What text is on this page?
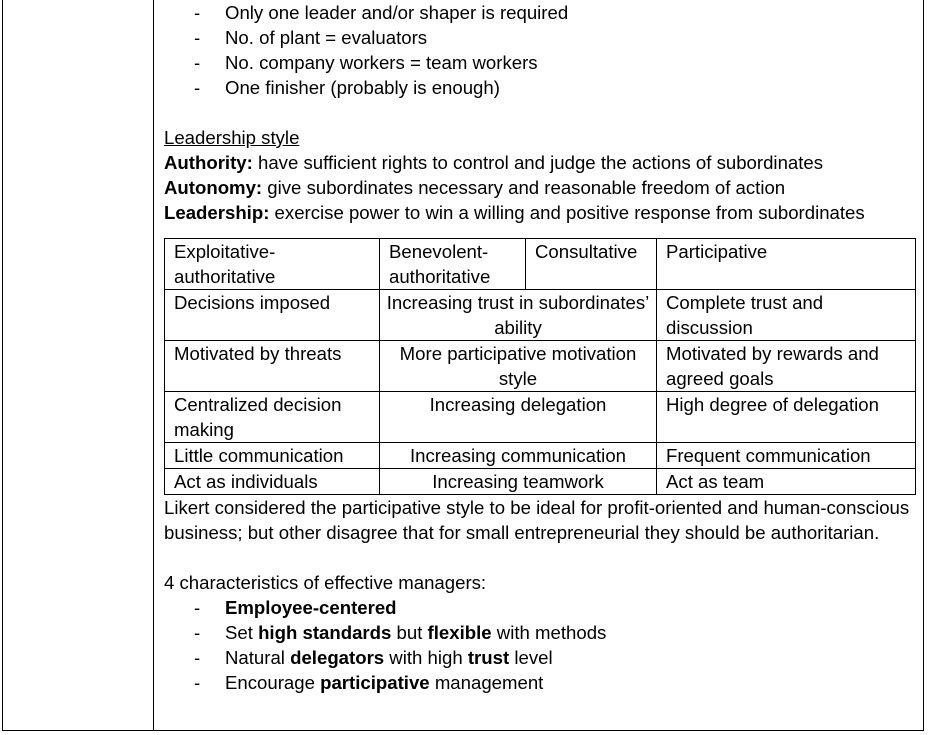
- Only one leader and/or shaper is required
- No. of plant = evaluators
- No. company workers = team workers
- One finisher (probably is enough)
Leadership style

Authority: have sufficient rights to control and judge the actions of subordinates

Autonomy: give subordinates necessary and reasonable freedom of action

Leadership: exercise power to win a willing and positive response from subordinates

Exploitative-authoritative	Benevolent-authoritative	Consultative	Participative
Decisions imposed	Increasing trust in subordinates’ ability		Complete trust and discussion
Motivated by threats	More participative motivation style		Motivated by rewards and agreed goals
Centralized decision making	Increasing delegation		High degree of delegation
Little communication	Increasing communication		Frequent communication
Act as individuals	Increasing teamwork		Act as team

Likert considered the participative style to be ideal for profit-oriented and human-conscious business; but other disagree that for small entrepreneurial they should be authoritarian.

4 characteristics of effective managers:
- Employee-centered
- Set high standards but flexible with methods
- Natural delegators with high trust level
- Encourage participative management
